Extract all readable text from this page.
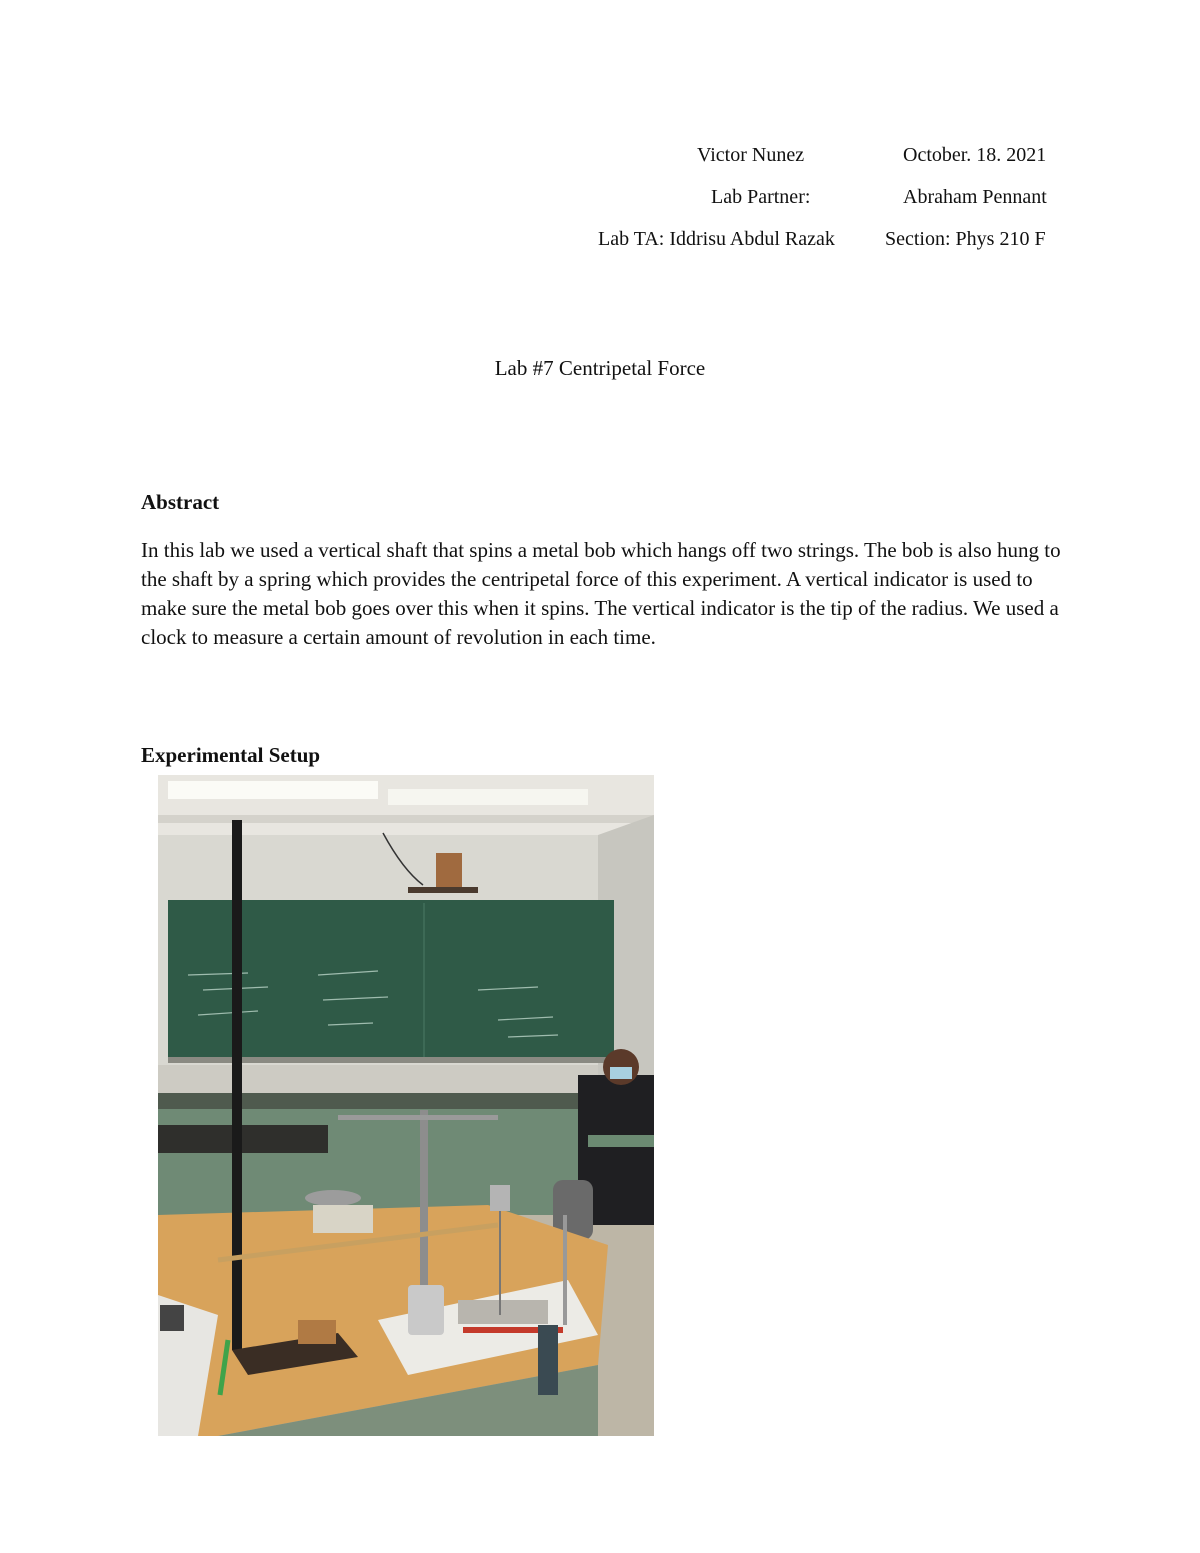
Victor Nunez	October. 18. 2021
Lab Partner:	Abraham Pennant
Lab TA: Iddrisu Abdul Razak	Section: Phys 210 F
Lab #7 Centripetal Force
Abstract

In this lab we used a vertical shaft that spins a metal bob which hangs off two strings. The bob is also hung to the shaft by a spring which provides the centripetal force of this experiment. A vertical indicator is used to make sure the metal bob goes over this when it spins. The vertical indicator is the tip of the radius. We used a clock to measure a certain amount of revolution in each time.

Experimental Setup
